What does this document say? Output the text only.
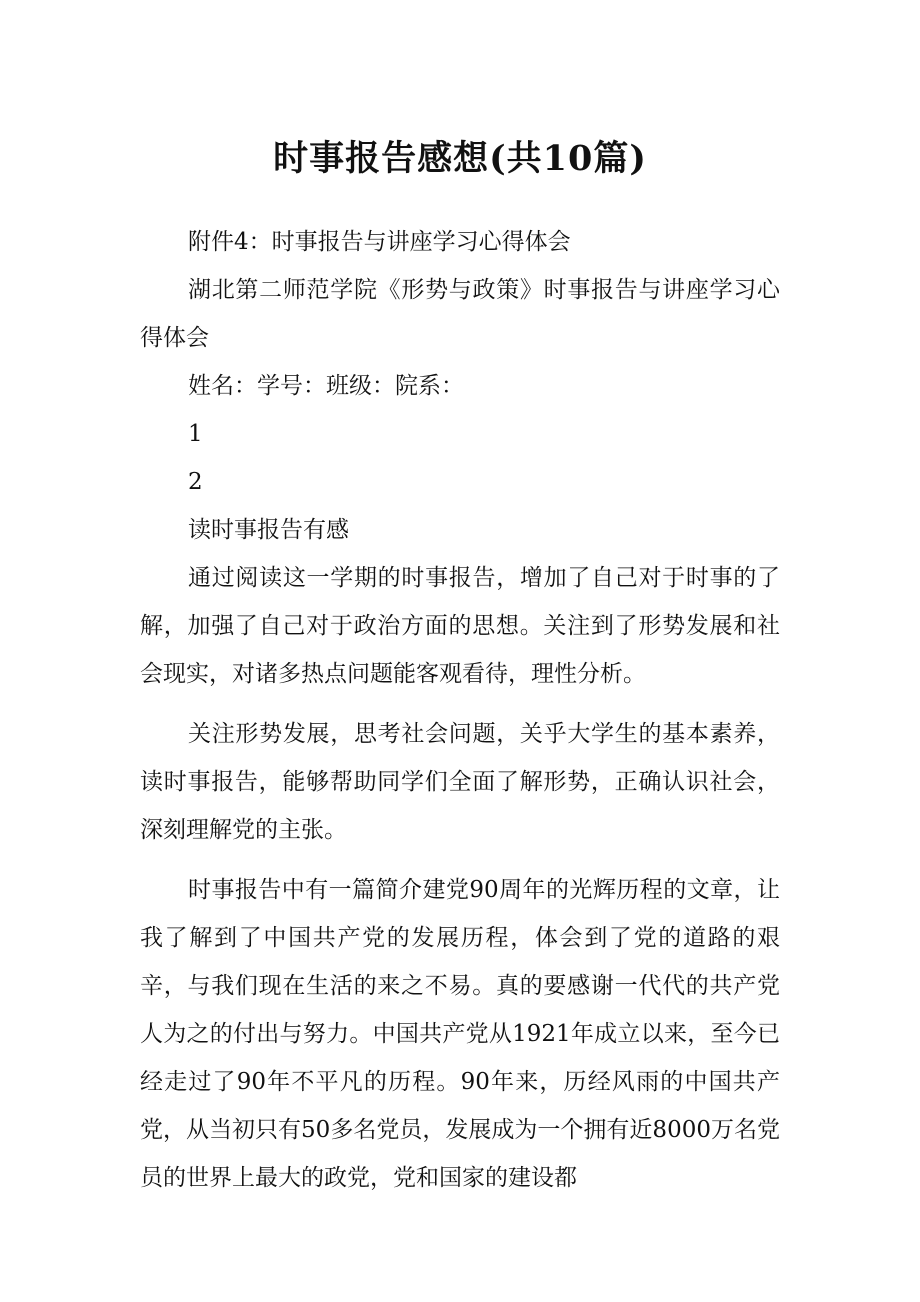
时事报告感想(共10篇)

附件4：时事报告与讲座学习心得体会

湖北第二师范学院《形势与政策》时事报告与讲座学习心得体会

姓名：学号：班级：院系：

1

2

读时事报告有感

通过阅读这一学期的时事报告，增加了自己对于时事的了解，加强了自己对于政治方面的思想。关注到了形势发展和社会现实，对诸多热点问题能客观看待，理性分析。

关注形势发展，思考社会问题，关乎大学生的基本素养，读时事报告，能够帮助同学们全面了解形势，正确认识社会，深刻理解党的主张。

时事报告中有一篇简介建党90周年的光辉历程的文章，让我了解到了中国共产党的发展历程，体会到了党的道路的艰辛，与我们现在生活的来之不易。真的要感谢一代代的共产党人为之的付出与努力。中国共产党从1921年成立以来，至今已经走过了90年不平凡的历程。90年来，历经风雨的中国共产党，从当初只有50多名党员，发展成为一个拥有近8000万名党员的世界上最大的政党，党和国家的建设都
